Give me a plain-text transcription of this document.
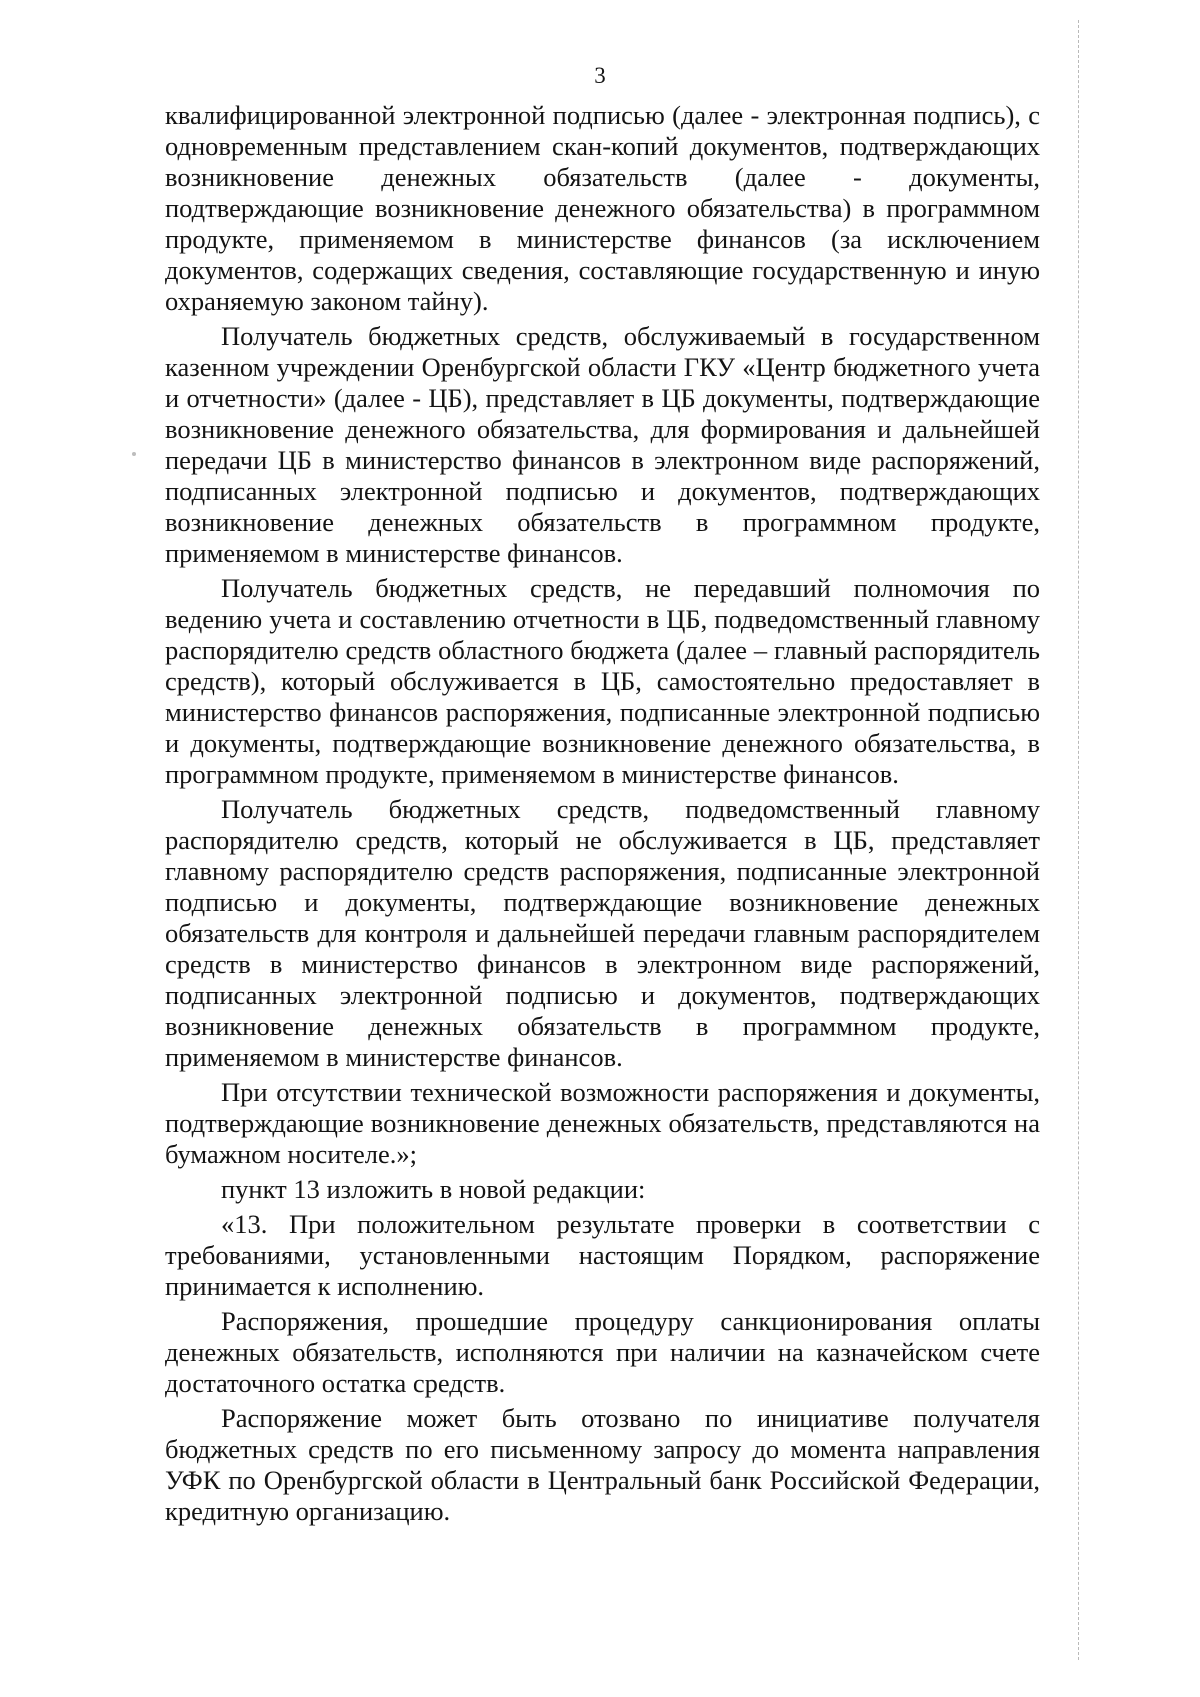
3

квалифицированной электронной подписью (далее - электронная подпись), с одновременным представлением скан-копий документов, подтверждающих возникновение денежных обязательств (далее - документы, подтверждающие возникновение денежного обязательства) в программном продукте, применяемом в министерстве финансов (за исключением документов, содержащих сведения, составляющие государственную и иную охраняемую законом тайну).

Получатель бюджетных средств, обслуживаемый в государственном казенном учреждении Оренбургской области ГКУ «Центр бюджетного учета и отчетности» (далее - ЦБ), представляет в ЦБ документы, подтверждающие возникновение денежного обязательства, для формирования и дальнейшей передачи ЦБ в министерство финансов в электронном виде распоряжений, подписанных электронной подписью и документов, подтверждающих возникновение денежных обязательств в программном продукте, применяемом в министерстве финансов.

Получатель бюджетных средств, не передавший полномочия по ведению учета и составлению отчетности в ЦБ, подведомственный главному распорядителю средств областного бюджета (далее – главный распорядитель средств), который обслуживается в ЦБ, самостоятельно предоставляет в министерство финансов распоряжения, подписанные электронной подписью и документы, подтверждающие возникновение денежного обязательства, в программном продукте, применяемом в министерстве финансов.

Получатель бюджетных средств, подведомственный главному распорядителю средств, который не обслуживается в ЦБ, представляет главному распорядителю средств распоряжения, подписанные электронной подписью и документы, подтверждающие возникновение денежных обязательств для контроля и дальнейшей передачи главным распорядителем средств в министерство финансов в электронном виде распоряжений, подписанных электронной подписью и документов, подтверждающих возникновение денежных обязательств в программном продукте, применяемом в министерстве финансов.

При отсутствии технической возможности распоряжения и документы, подтверждающие возникновение денежных обязательств, представляются на бумажном носителе.»;

пункт 13 изложить в новой редакции:

«13. При положительном результате проверки в соответствии с требованиями, установленными настоящим Порядком, распоряжение принимается к исполнению.

Распоряжения, прошедшие процедуру санкционирования оплаты денежных обязательств, исполняются при наличии на казначейском счете достаточного остатка средств.

Распоряжение может быть отозвано по инициативе получателя бюджетных средств по его письменному запросу до момента направления УФК по Оренбургской области в Центральный банк Российской Федерации, кредитную организацию.
